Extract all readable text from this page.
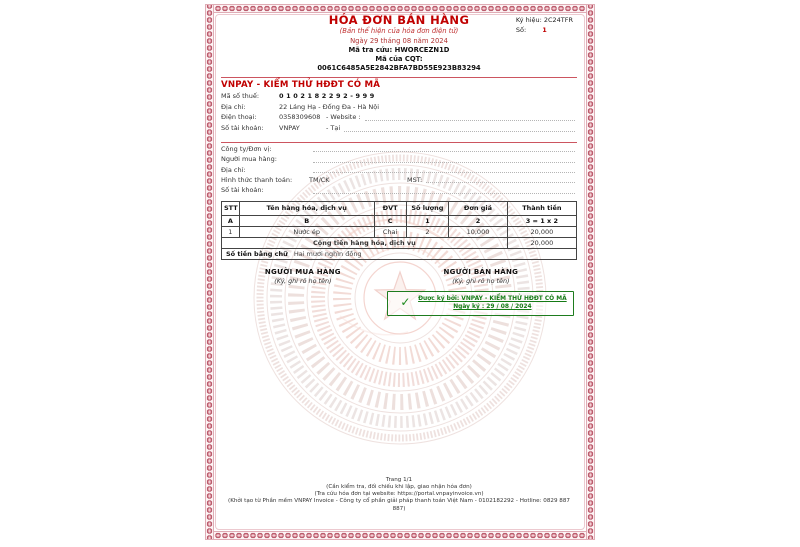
HÓA ĐƠN BÁN HÀNG
(Bản thể hiện của hóa đơn điện tử)
Ngày 29 tháng 08 năm 2024
Mã tra cứu: HWORCEZN1D
Mã của CQT:
0061C6485A5E2842BFA7BD55E923B83294
Ký hiệu: 2C24TFR
Số: 1
VNPAY - KIỂM THỬ HĐĐT CÓ MÃ
Mã số thuế:	0102182292-999
Địa chỉ:	22 Láng Hạ - Đống Đa - Hà Nội
Điện thoại:	0358309608 - Website :
Số tài khoản:	VNPAY	- Tại
Công ty/Đơn vị:
Người mua hàng:
Địa chỉ:
Hình thức thanh toán:	TM/CK	MST:
Số tài khoản:
STT	Tên hàng hóa, dịch vụ	ĐVT	Số lượng	Đơn giá	Thành tiền
A	B	C	1	2	3 = 1 x 2
1	Nước ép	Chai	2	10,000	20,000
Cộng tiền hàng hóa, dịch vụ					20,000
Số tiền bằng chữ Hai mươi nghìn đồng					
NGƯỜI MUA HÀNG
(Ký, ghi rõ họ tên)
NGƯỜI BÁN HÀNG
(Ký, ghi rõ họ tên)
✓	Được ký bởi: VNPAY - KIỂM THỬ HĐĐT CÓ MÃ
Ngày ký : 29 / 08 / 2024
Trang 1/1
(Cần kiểm tra, đối chiếu khi lập, giao nhận hóa đơn)
(Tra cứu hóa đơn tại website: https://portal.vnpayinvoice.vn)
(Khởi tạo từ Phần mềm VNPAY Invoice - Công ty cổ phần giải pháp thanh toán Việt Nam - 0102182292 - Hotline: 0829 887 887)
